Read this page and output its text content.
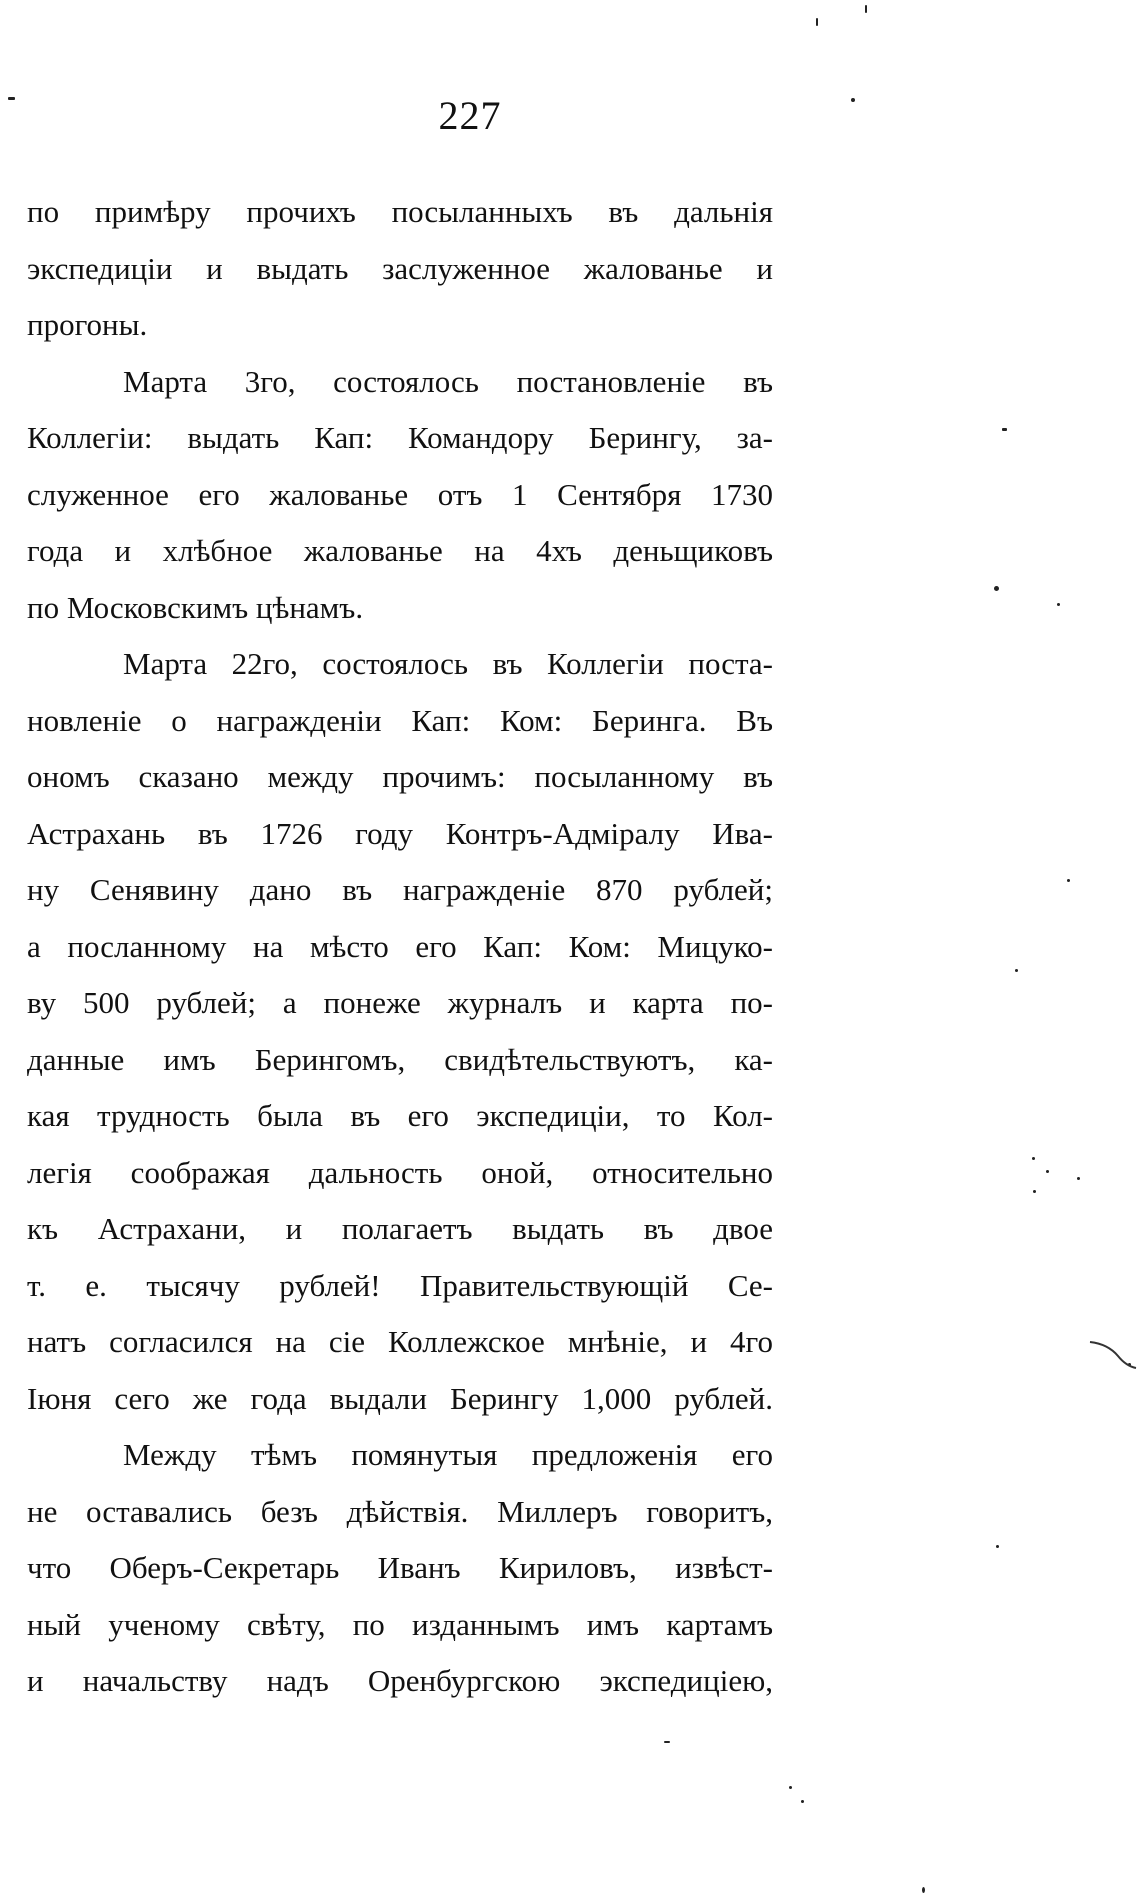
227
по примѣру прочихъ посыланныхъ въ дальнія
экспедиціи и выдать заслуженное жалованье и
прогоны.
Марта 3го, состоялось постановленіе въ
Коллегіи: выдать Кап: Командору Берингу, за-
служенное его жалованье отъ 1 Сентября 1730
года и хлѣбное жалованье на 4хъ деньщиковъ
по Московскимъ цѣнамъ.
Марта 22го, состоялось въ Коллегіи поста-
новленіе о награжденіи Кап: Ком: Беринга. Въ
ономъ сказано между прочимъ: посыланному въ
Астрахань въ 1726 году Контръ-Адміралу Ива-
ну Сенявину дано въ награжденіе 870 рублей;
а посланному на мѣсто его Кап: Ком: Мицуко-
ву 500 рублей; а понеже журналъ и карта по-
данные имъ Берингомъ, свидѣтельствуютъ, ка-
кая трудность была въ его экспедиціи, то Кол-
легія соображая дальность оной, относительно
къ Астрахани, и полагаетъ выдать въ двое
т. е. тысячу рублей! Правительствующій Се-
натъ согласился на сіе Коллежское мнѣніе, и 4го
Іюня сего же года выдали Берингу 1,000 рублей.
Между тѣмъ помянутыя предложенія его
не оставались безъ дѣйствія. Миллеръ говоритъ,
что Оберъ-Секретарь Иванъ Кириловъ, извѣст-
ный ученому свѣту, по изданнымъ имъ картамъ
и начальству надъ Оренбургскою экспедиціею,
